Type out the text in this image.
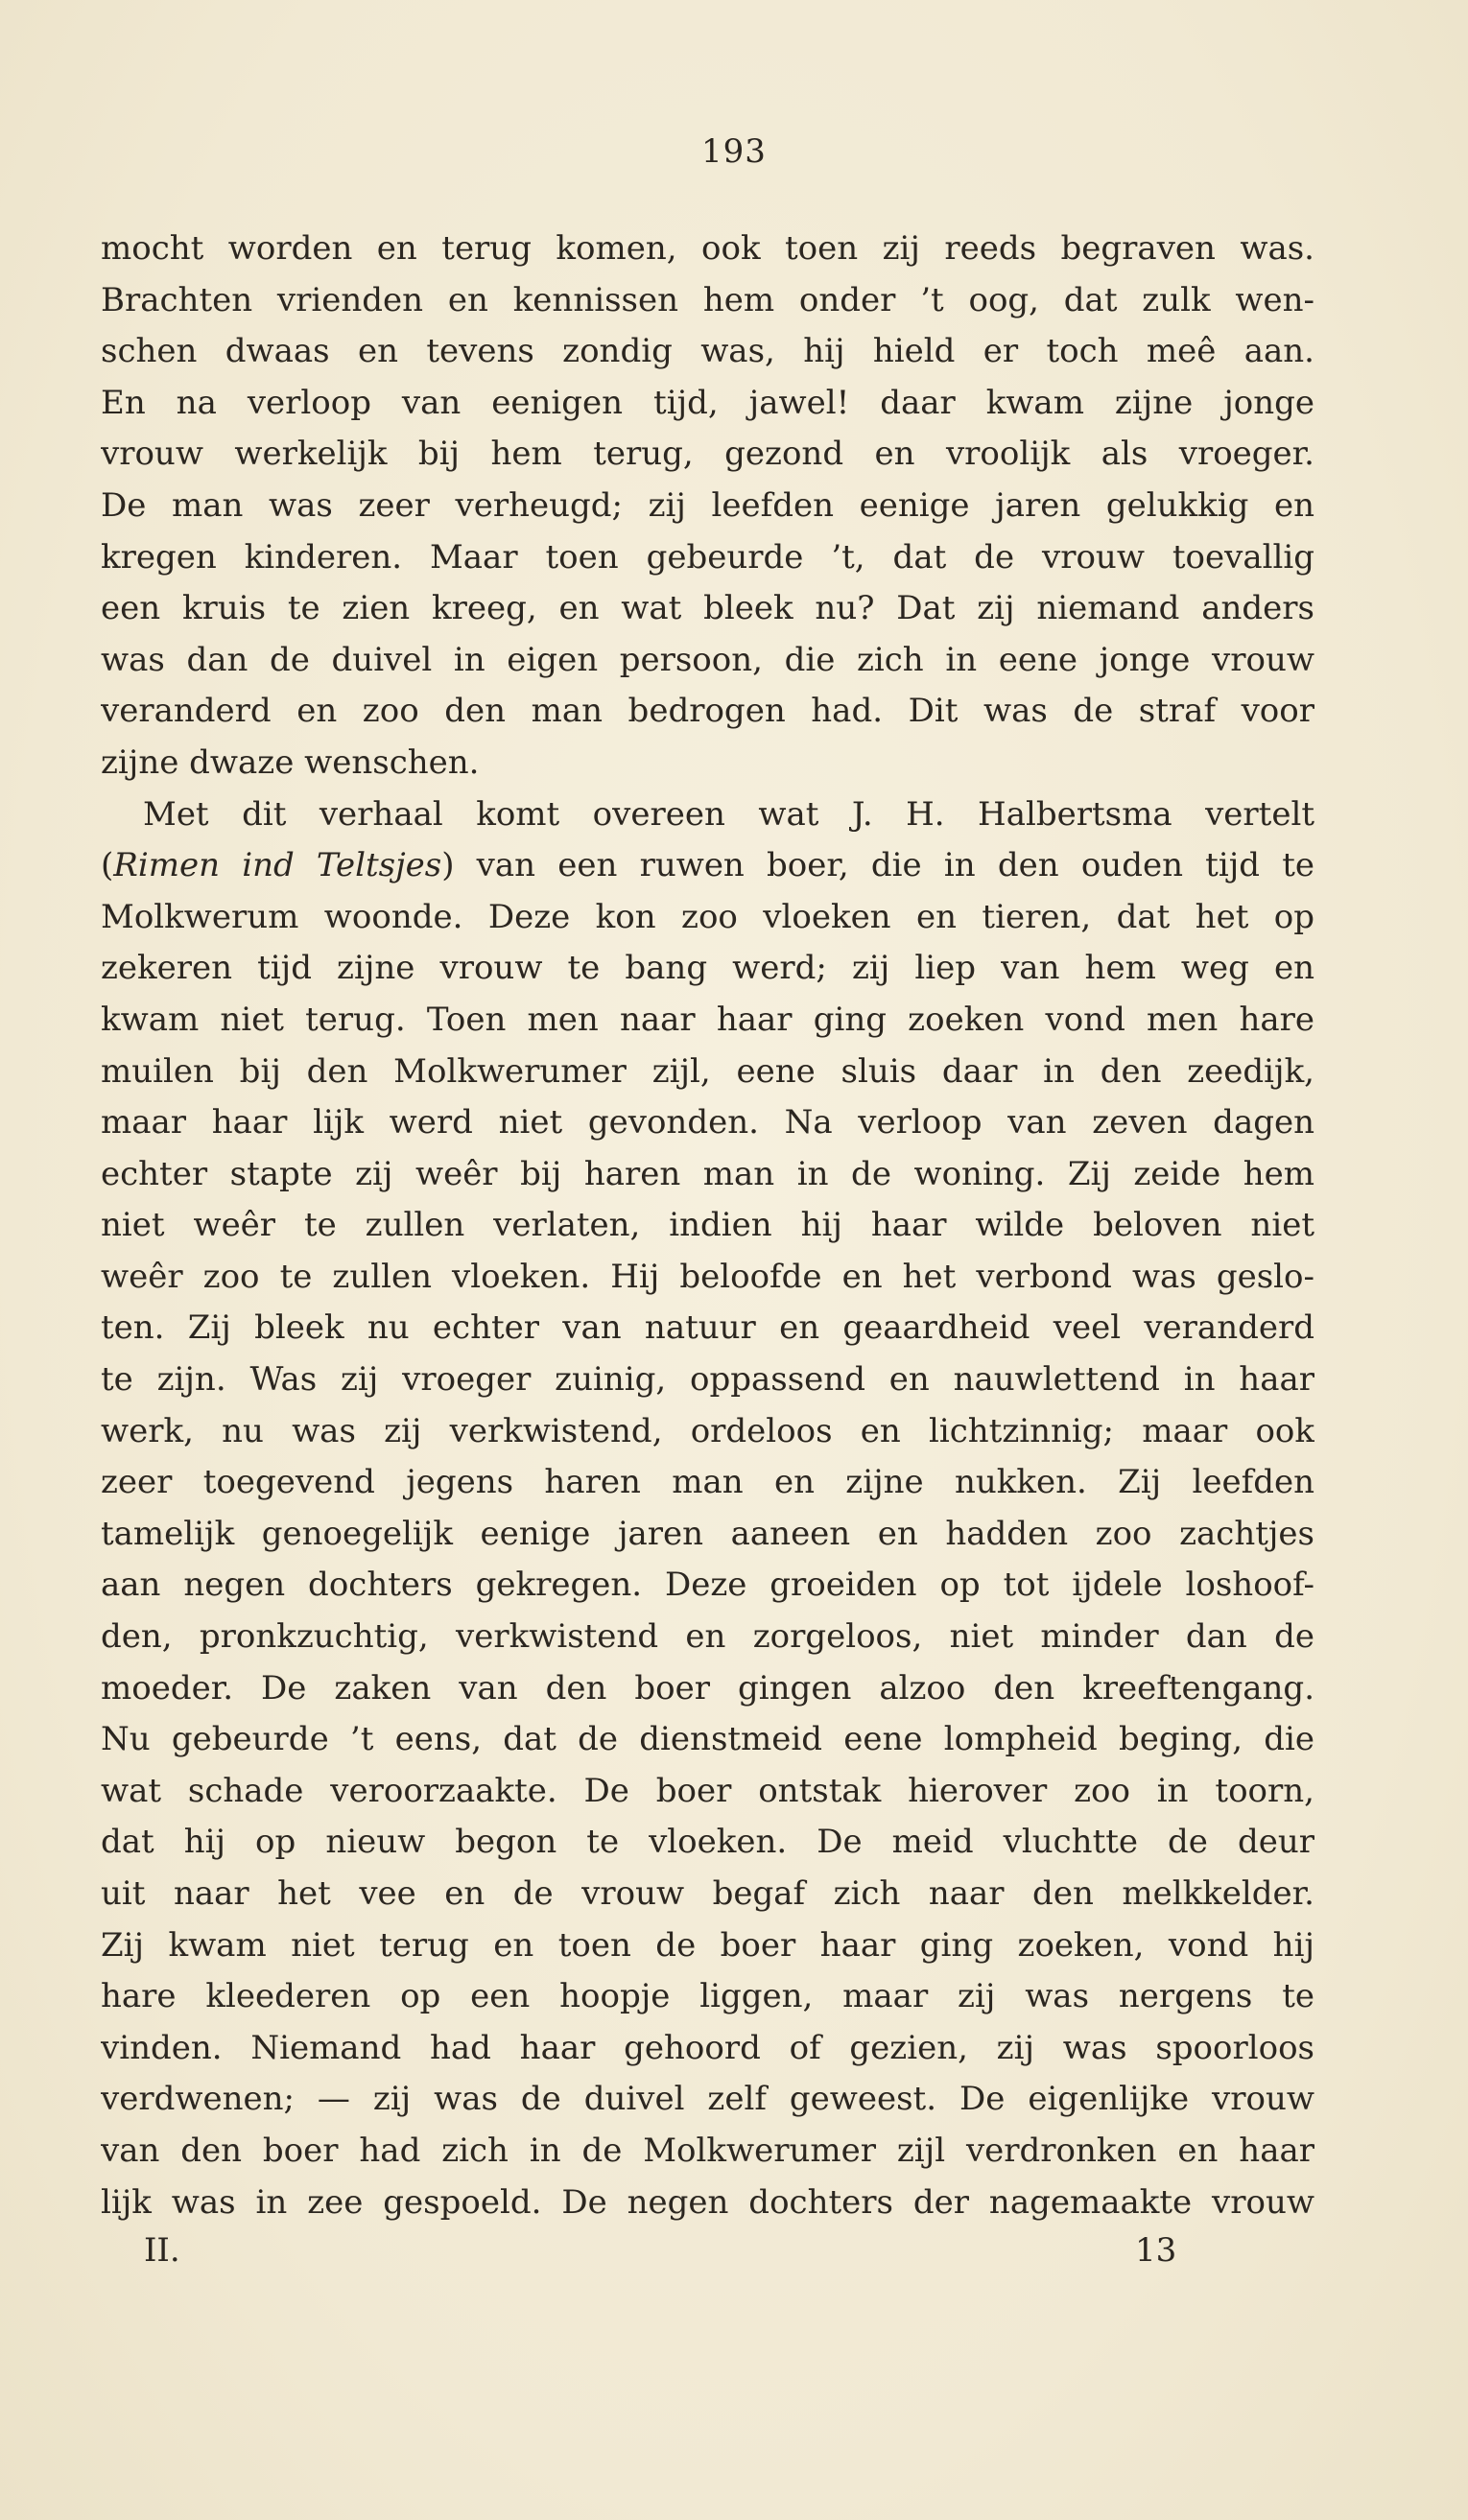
193
mocht worden en terug komen, ook toen zij reeds begraven was.
Brachten vrienden en kennissen hem onder ’t oog, dat zulk wen-
schen dwaas en tevens zondig was, hij hield er toch meê aan.
En na verloop van eenigen tijd, jawel! daar kwam zijne jonge
vrouw werkelijk bij hem terug, gezond en vroolijk als vroeger.
De man was zeer verheugd; zij leefden eenige jaren gelukkig en
kregen kinderen. Maar toen gebeurde ’t, dat de vrouw toevallig
een kruis te zien kreeg, en wat bleek nu? Dat zij niemand anders
was dan de duivel in eigen persoon, die zich in eene jonge vrouw
veranderd en zoo den man bedrogen had. Dit was de straf voor
zijne dwaze wenschen.
Met dit verhaal komt overeen wat J. H. Halbertsma vertelt
(Rimen ind Teltsjes) van een ruwen boer, die in den ouden tijd te
Molkwerum woonde. Deze kon zoo vloeken en tieren, dat het op
zekeren tijd zijne vrouw te bang werd; zij liep van hem weg en
kwam niet terug. Toen men naar haar ging zoeken vond men hare
muilen bij den Molkwerumer zijl, eene sluis daar in den zeedijk,
maar haar lijk werd niet gevonden. Na verloop van zeven dagen
echter stapte zij weêr bij haren man in de woning. Zij zeide hem
niet weêr te zullen verlaten, indien hij haar wilde beloven niet
weêr zoo te zullen vloeken. Hij beloofde en het verbond was geslo-
ten. Zij bleek nu echter van natuur en geaardheid veel veranderd
te zijn. Was zij vroeger zuinig, oppassend en nauwlettend in haar
werk, nu was zij verkwistend, ordeloos en lichtzinnig; maar ook
zeer toegevend jegens haren man en zijne nukken. Zij leefden
tamelijk genoegelijk eenige jaren aaneen en hadden zoo zachtjes
aan negen dochters gekregen. Deze groeiden op tot ijdele loshoof-
den, pronkzuchtig, verkwistend en zorgeloos, niet minder dan de
moeder. De zaken van den boer gingen alzoo den kreeftengang.
Nu gebeurde ’t eens, dat de dienstmeid eene lompheid beging, die
wat schade veroorzaakte. De boer ontstak hierover zoo in toorn,
dat hij op nieuw begon te vloeken. De meid vluchtte de deur
uit naar het vee en de vrouw begaf zich naar den melkkelder.
Zij kwam niet terug en toen de boer haar ging zoeken, vond hij
hare kleederen op een hoopje liggen, maar zij was nergens te
vinden. Niemand had haar gehoord of gezien, zij was spoorloos
verdwenen; — zij was de duivel zelf geweest. De eigenlijke vrouw
van den boer had zich in de Molkwerumer zijl verdronken en haar
lijk was in zee gespoeld. De negen dochters der nagemaakte vrouw
II.	13
